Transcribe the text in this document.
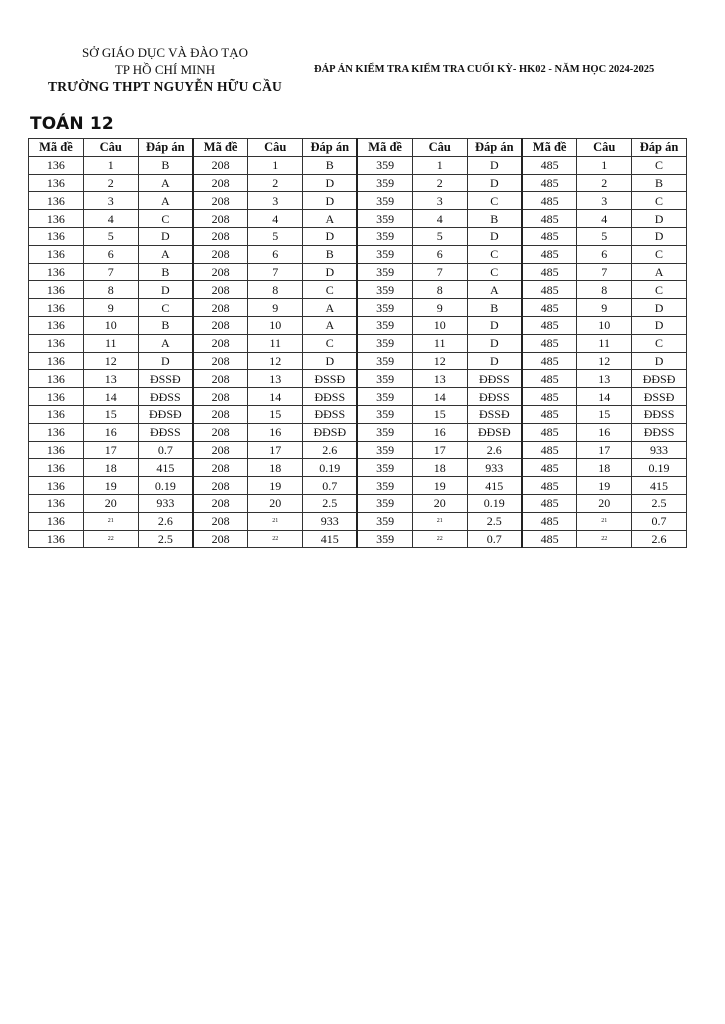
SỞ GIÁO DỤC VÀ ĐÀO TẠO
TP HỒ CHÍ MINH
TRƯỜNG THPT NGUYỄN HỮU CẦU
ĐÁP ÁN KIỂM TRA KIỂM TRA CUỐI KỲ- HK02 - NĂM HỌC 2024-2025
TOÁN 12
Mã đề	Câu	Đáp án	Mã đề	Câu	Đáp án	Mã đề	Câu	Đáp án	Mã đề	Câu	Đáp án
136	1	B	208	1	B	359	1	D	485	1	C
136	2	A	208	2	D	359	2	D	485	2	B
136	3	A	208	3	D	359	3	C	485	3	C
136	4	C	208	4	A	359	4	B	485	4	D
136	5	D	208	5	D	359	5	D	485	5	D
136	6	A	208	6	B	359	6	C	485	6	C
136	7	B	208	7	D	359	7	C	485	7	A
136	8	D	208	8	C	359	8	A	485	8	C
136	9	C	208	9	A	359	9	B	485	9	D
136	10	B	208	10	A	359	10	D	485	10	D
136	11	A	208	11	C	359	11	D	485	11	C
136	12	D	208	12	D	359	12	D	485	12	D
136	13	ĐSSĐ	208	13	ĐSSĐ	359	13	ĐĐSS	485	13	ĐĐSĐ
136	14	ĐĐSS	208	14	ĐĐSS	359	14	ĐĐSS	485	14	ĐSSĐ
136	15	ĐĐSĐ	208	15	ĐĐSS	359	15	ĐSSĐ	485	15	ĐĐSS
136	16	ĐĐSS	208	16	ĐĐSĐ	359	16	ĐĐSĐ	485	16	ĐĐSS
136	17	0.7	208	17	2.6	359	17	2.6	485	17	933
136	18	415	208	18	0.19	359	18	933	485	18	0.19
136	19	0.19	208	19	0.7	359	19	415	485	19	415
136	20	933	208	20	2.5	359	20	0.19	485	20	2.5
136	21	2.6	208	21	933	359	21	2.5	485	21	0.7
136	22	2.5	208	22	415	359	22	0.7	485	22	2.6
